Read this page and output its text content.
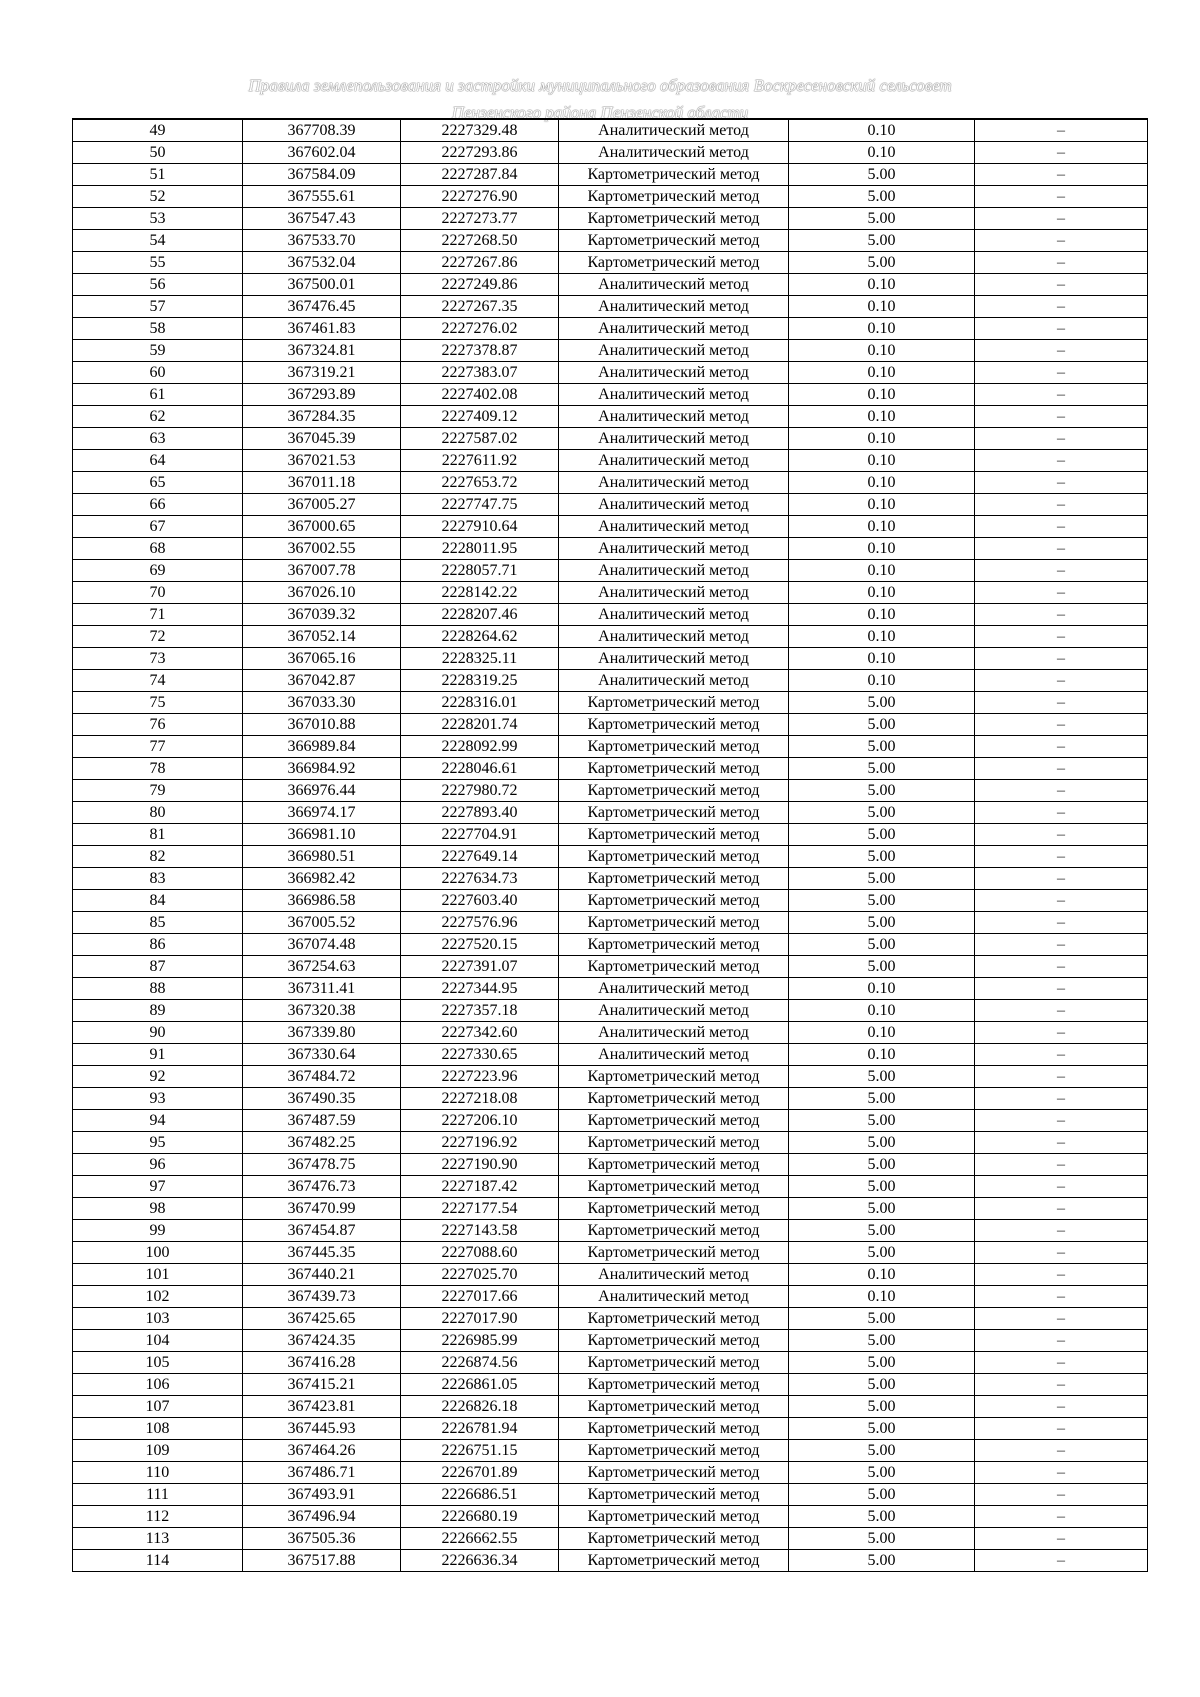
Правила землепользования и застройки муниципального образования Воскресеновский сельсовет
Пензенского района Пензенской области
49	367708.39	2227329.48	Аналитический метод	0.10	–
50	367602.04	2227293.86	Аналитический метод	0.10	–
51	367584.09	2227287.84	Картометрический метод	5.00	–
52	367555.61	2227276.90	Картометрический метод	5.00	–
53	367547.43	2227273.77	Картометрический метод	5.00	–
54	367533.70	2227268.50	Картометрический метод	5.00	–
55	367532.04	2227267.86	Картометрический метод	5.00	–
56	367500.01	2227249.86	Аналитический метод	0.10	–
57	367476.45	2227267.35	Аналитический метод	0.10	–
58	367461.83	2227276.02	Аналитический метод	0.10	–
59	367324.81	2227378.87	Аналитический метод	0.10	–
60	367319.21	2227383.07	Аналитический метод	0.10	–
61	367293.89	2227402.08	Аналитический метод	0.10	–
62	367284.35	2227409.12	Аналитический метод	0.10	–
63	367045.39	2227587.02	Аналитический метод	0.10	–
64	367021.53	2227611.92	Аналитический метод	0.10	–
65	367011.18	2227653.72	Аналитический метод	0.10	–
66	367005.27	2227747.75	Аналитический метод	0.10	–
67	367000.65	2227910.64	Аналитический метод	0.10	–
68	367002.55	2228011.95	Аналитический метод	0.10	–
69	367007.78	2228057.71	Аналитический метод	0.10	–
70	367026.10	2228142.22	Аналитический метод	0.10	–
71	367039.32	2228207.46	Аналитический метод	0.10	–
72	367052.14	2228264.62	Аналитический метод	0.10	–
73	367065.16	2228325.11	Аналитический метод	0.10	–
74	367042.87	2228319.25	Аналитический метод	0.10	–
75	367033.30	2228316.01	Картометрический метод	5.00	–
76	367010.88	2228201.74	Картометрический метод	5.00	–
77	366989.84	2228092.99	Картометрический метод	5.00	–
78	366984.92	2228046.61	Картометрический метод	5.00	–
79	366976.44	2227980.72	Картометрический метод	5.00	–
80	366974.17	2227893.40	Картометрический метод	5.00	–
81	366981.10	2227704.91	Картометрический метод	5.00	–
82	366980.51	2227649.14	Картометрический метод	5.00	–
83	366982.42	2227634.73	Картометрический метод	5.00	–
84	366986.58	2227603.40	Картометрический метод	5.00	–
85	367005.52	2227576.96	Картометрический метод	5.00	–
86	367074.48	2227520.15	Картометрический метод	5.00	–
87	367254.63	2227391.07	Картометрический метод	5.00	–
88	367311.41	2227344.95	Аналитический метод	0.10	–
89	367320.38	2227357.18	Аналитический метод	0.10	–
90	367339.80	2227342.60	Аналитический метод	0.10	–
91	367330.64	2227330.65	Аналитический метод	0.10	–
92	367484.72	2227223.96	Картометрический метод	5.00	–
93	367490.35	2227218.08	Картометрический метод	5.00	–
94	367487.59	2227206.10	Картометрический метод	5.00	–
95	367482.25	2227196.92	Картометрический метод	5.00	–
96	367478.75	2227190.90	Картометрический метод	5.00	–
97	367476.73	2227187.42	Картометрический метод	5.00	–
98	367470.99	2227177.54	Картометрический метод	5.00	–
99	367454.87	2227143.58	Картометрический метод	5.00	–
100	367445.35	2227088.60	Картометрический метод	5.00	–
101	367440.21	2227025.70	Аналитический метод	0.10	–
102	367439.73	2227017.66	Аналитический метод	0.10	–
103	367425.65	2227017.90	Картометрический метод	5.00	–
104	367424.35	2226985.99	Картометрический метод	5.00	–
105	367416.28	2226874.56	Картометрический метод	5.00	–
106	367415.21	2226861.05	Картометрический метод	5.00	–
107	367423.81	2226826.18	Картометрический метод	5.00	–
108	367445.93	2226781.94	Картометрический метод	5.00	–
109	367464.26	2226751.15	Картометрический метод	5.00	–
110	367486.71	2226701.89	Картометрический метод	5.00	–
111	367493.91	2226686.51	Картометрический метод	5.00	–
112	367496.94	2226680.19	Картометрический метод	5.00	–
113	367505.36	2226662.55	Картометрический метод	5.00	–
114	367517.88	2226636.34	Картометрический метод	5.00	–
